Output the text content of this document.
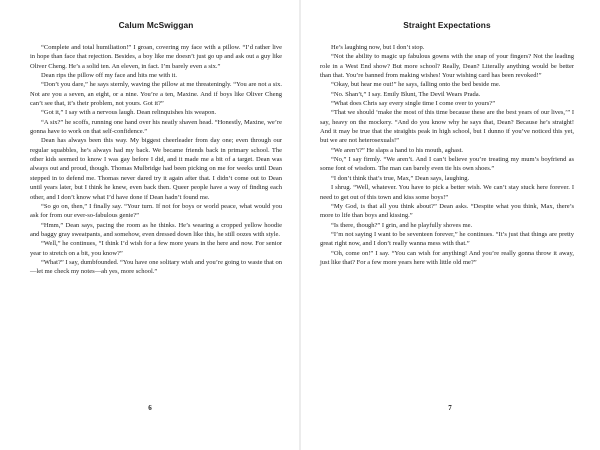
Calum McSwiggan

“Complete and total humiliation!” I groan, covering my face with a pillow. “I’d rather live in hope than face that rejection. Besides, a boy like me doesn’t just go up and ask out a guy like Oliver Cheng. He’s a solid ten. An eleven, in fact. I’m barely even a six.”

Dean rips the pillow off my face and hits me with it.

“Don’t you dare,” he says sternly, waving the pillow at me threateningly. “You are not a six. Not are you a seven, an eight, or a nine. You’re a ten, Maxine. And if boys like Oliver Cheng can’t see that, it’s their problem, not yours. Got it?”

“Got it,” I say with a nervous laugh. Dean relinquishes his weapon.

“A six?” he scoffs, running one hand over his neatly shaven head. “Honestly, Maxine, we’re gonna have to work on that self-confidence.”

Dean has always been this way. My biggest cheerleader from day one; even through our regular squabbles, he’s always had my back. We became friends back in primary school. The other kids seemed to know I was gay before I did, and it made me a bit of a target. Dean was always out and proud, though. Thomas Mulbridge had been picking on me for weeks until Dean stepped in to defend me. Thomas never dared try it again after that. I didn’t come out to Dean until years later, but I think he knew, even back then. Queer people have a way of finding each other, and I don’t know what I’d have done if Dean hadn’t found me.

“So go on, then,” I finally say. “Your turn. If not for boys or world peace, what would you ask for from our ever-so-fabulous genie?”

“Hmm,” Dean says, pacing the room as he thinks. He’s wearing a cropped yellow hoodie and baggy gray sweatpants, and somehow, even dressed down like this, he still oozes with style.

“Well,” he continues, “I think I’d wish for a few more years in the here and now. For senior year to stretch on a bit, you know?”

“What?” I say, dumbfounded. “You have one solitary wish and you’re going to waste that on—let me check my notes—ah yes, more school.”

6
Straight Expectations

He’s laughing now, but I don’t stop.

“Not the ability to magic up fabulous gowns with the snap of your fingers? Not the leading role in a West End show? But more school? Really, Dean? Literally anything would be better than that. You’re banned from making wishes! Your wishing card has been revoked!”

“Okay, but hear me out!” he says, falling onto the bed beside me.

“No. Shan’t,” I say. Emily Blunt, The Devil Wears Prada.

“What does Chris say every single time I come over to yours?”

“That we should ‘make the most of this time because these are the best years of our lives,’” I say, heavy on the mockery. “And do you know why he says that, Dean? Because he’s straight! And it may be true that the straights peak in high school, but I dunno if you’ve noticed this yet, but we are not heterosexuals!”

“We aren’t?” He slaps a hand to his mouth, aghast.

“No,” I say firmly. “We aren’t. And I can’t believe you’re treating my mum’s boyfriend as some font of wisdom. The man can barely even tie his own shoes.”

“I don’t think that’s true, Max,” Dean says, laughing.

I shrug. “Well, whatever. You have to pick a better wish. We can’t stay stuck here forever. I need to get out of this town and kiss some boys!”

“My God, is that all you think about?” Dean asks. “Despite what you think, Max, there’s more to life than boys and kissing.”

“Is there, though?” I grin, and he playfully shoves me.

“I’m not saying I want to be seventeen forever,” he continues. “It’s just that things are pretty great right now, and I don’t really wanna mess with that.”

“Oh, come on!” I say. “You can wish for anything! And you’re really gonna throw it away, just like that? For a few more years here with little old me?”

7
